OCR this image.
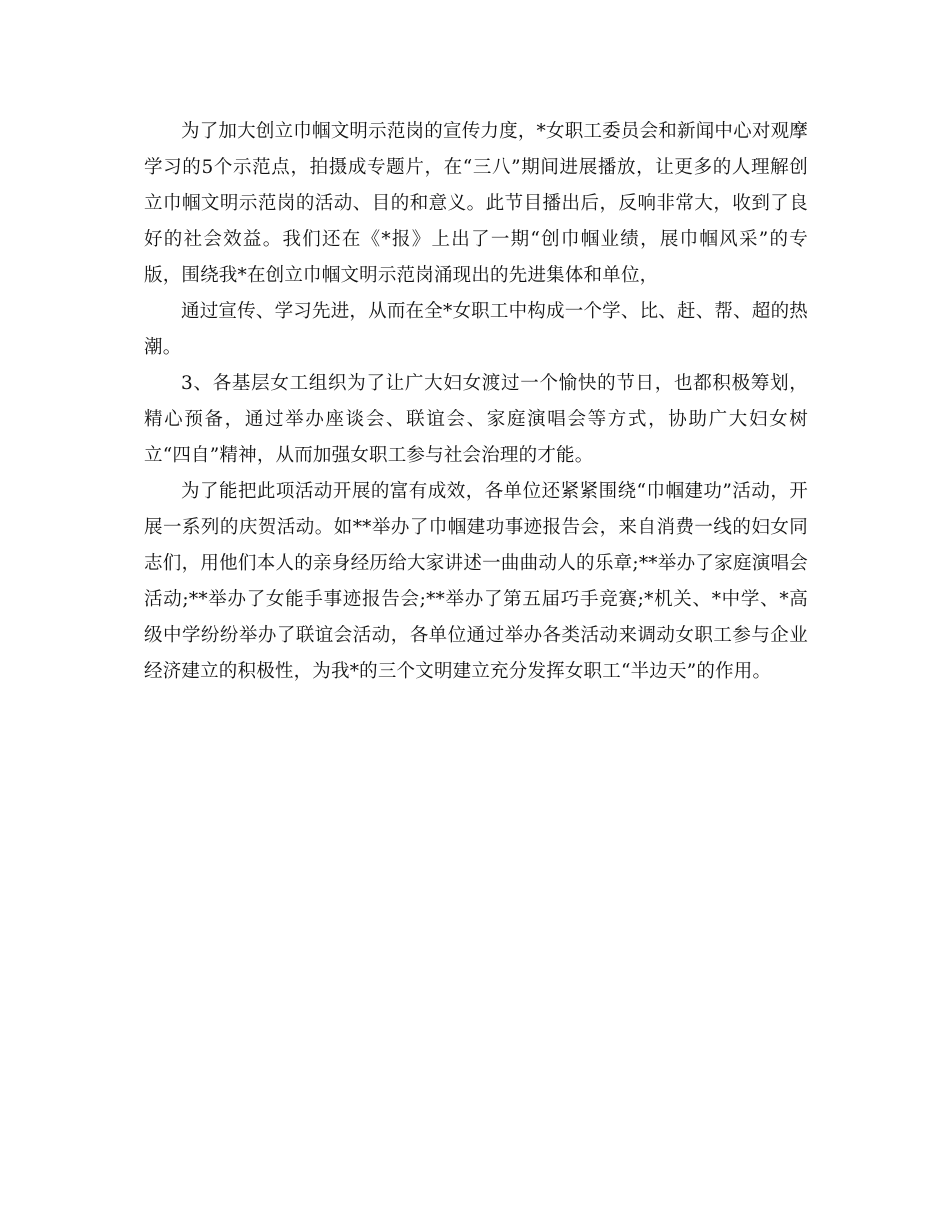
为了加大创立巾帼文明示范岗的宣传力度，*女职工委员会和新闻中心对观摩学习的5个示范点，拍摄成专题片，在“三八”期间进展播放，让更多的人理解创立巾帼文明示范岗的活动、目的和意义。此节目播出后，反响非常大，收到了良好的社会效益。我们还在《*报》上出了一期“创巾帼业绩，展巾帼风采”的专版，围绕我*在创立巾帼文明示范岗涌现出的先进集体和单位，

通过宣传、学习先进，从而在全*女职工中构成一个学、比、赶、帮、超的热潮。

3、各基层女工组织为了让广大妇女渡过一个愉快的节日，也都积极筹划，精心预备，通过举办座谈会、联谊会、家庭演唱会等方式，协助广大妇女树立“四自”精神，从而加强女职工参与社会治理的才能。

为了能把此项活动开展的富有成效，各单位还紧紧围绕“巾帼建功”活动，开展一系列的庆贺活动。如**举办了巾帼建功事迹报告会，来自消费一线的妇女同志们，用他们本人的亲身经历给大家讲述一曲曲动人的乐章;**举办了家庭演唱会活动;**举办了女能手事迹报告会;**举办了第五届巧手竞赛;*机关、*中学、*高级中学纷纷举办了联谊会活动，各单位通过举办各类活动来调动女职工参与企业经济建立的积极性，为我*的三个文明建立充分发挥女职工“半边天”的作用。
